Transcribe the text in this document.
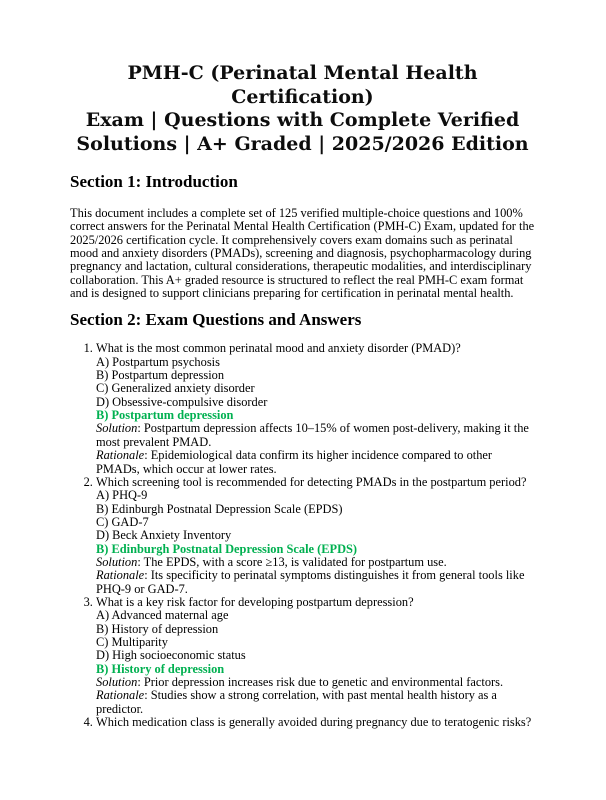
PMH-C (Perinatal Mental Health Certification)
Exam | Questions with Complete Verified
Solutions | A+ Graded | 2025/2026 Edition
Section 1: Introduction

This document includes a complete set of 125 verified multiple-choice questions and 100% correct answers for the Perinatal Mental Health Certification (PMH-C) Exam, updated for the 2025/2026 certification cycle. It comprehensively covers exam domains such as perinatal mood and anxiety disorders (PMADs), screening and diagnosis, psychopharmacology during pregnancy and lactation, cultural considerations, therapeutic modalities, and interdisciplinary collaboration. This A+ graded resource is structured to reflect the real PMH-C exam format and is designed to support clinicians preparing for certification in perinatal mental health.

Section 2: Exam Questions and Answers
1. What is the most common perinatal mood and anxiety disorder (PMAD)?
A) Postpartum psychosis
B) Postpartum depression
C) Generalized anxiety disorder
D) Obsessive-compulsive disorder
B) Postpartum depression
Solution: Postpartum depression affects 10–15% of women post-delivery, making it the most prevalent PMAD.
Rationale: Epidemiological data confirm its higher incidence compared to other PMADs, which occur at lower rates.
2. Which screening tool is recommended for detecting PMADs in the postpartum period?
A) PHQ-9
B) Edinburgh Postnatal Depression Scale (EPDS)
C) GAD-7
D) Beck Anxiety Inventory
B) Edinburgh Postnatal Depression Scale (EPDS)
Solution: The EPDS, with a score ≥13, is validated for postpartum use.
Rationale: Its specificity to perinatal symptoms distinguishes it from general tools like PHQ-9 or GAD-7.
3. What is a key risk factor for developing postpartum depression?
A) Advanced maternal age
B) History of depression
C) Multiparity
D) High socioeconomic status
B) History of depression
Solution: Prior depression increases risk due to genetic and environmental factors.
Rationale: Studies show a strong correlation, with past mental health history as a predictor.
4. Which medication class is generally avoided during pregnancy due to teratogenic risks?
